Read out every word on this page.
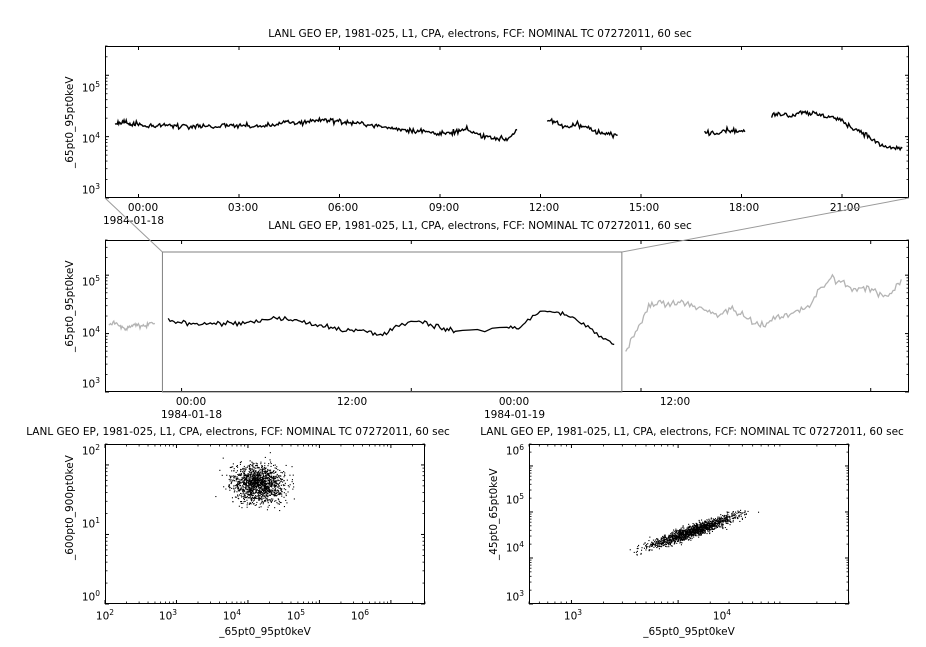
LANL GEO EP, 1981-025, L1, CPA, electrons, FCF: NOMINAL TC 07272011, 60 sec
_65pt0_95pt0keV
$10^3$
$10^4$
$10^5$
00:00	03:00	06:00	09:00	12:00	15:00	18:00	21:00
1984-01-18	LANL GEO EP, 1981-025, L1, CPA, electrons, FCF: NOMINAL TC 07272011, 60 sec
_65pt0_95pt0keV
$10^3$
$10^4$
$10^5$
00:00	12:00	00:00	12:00
1984-01-18	1984-01-19
LANL GEO EP, 1981-025, L1, CPA, electrons, FCF: NOMINAL TC 07272011, 60 sec
_600pt0_900pt0keV
$10^0$
$10^1$
$10^2$
$10^2$	$10^3$	$10^4$	$10^5$	$10^6$
_65pt0_95pt0keV
LANL GEO EP, 1981-025, L1, CPA, electrons, FCF: NOMINAL TC 07272011, 60 sec
_45pt0_65pt0keV
$10^3$
$10^4$
$10^5$
$10^6$
$10^3$	$10^4$
_65pt0_95pt0keV
